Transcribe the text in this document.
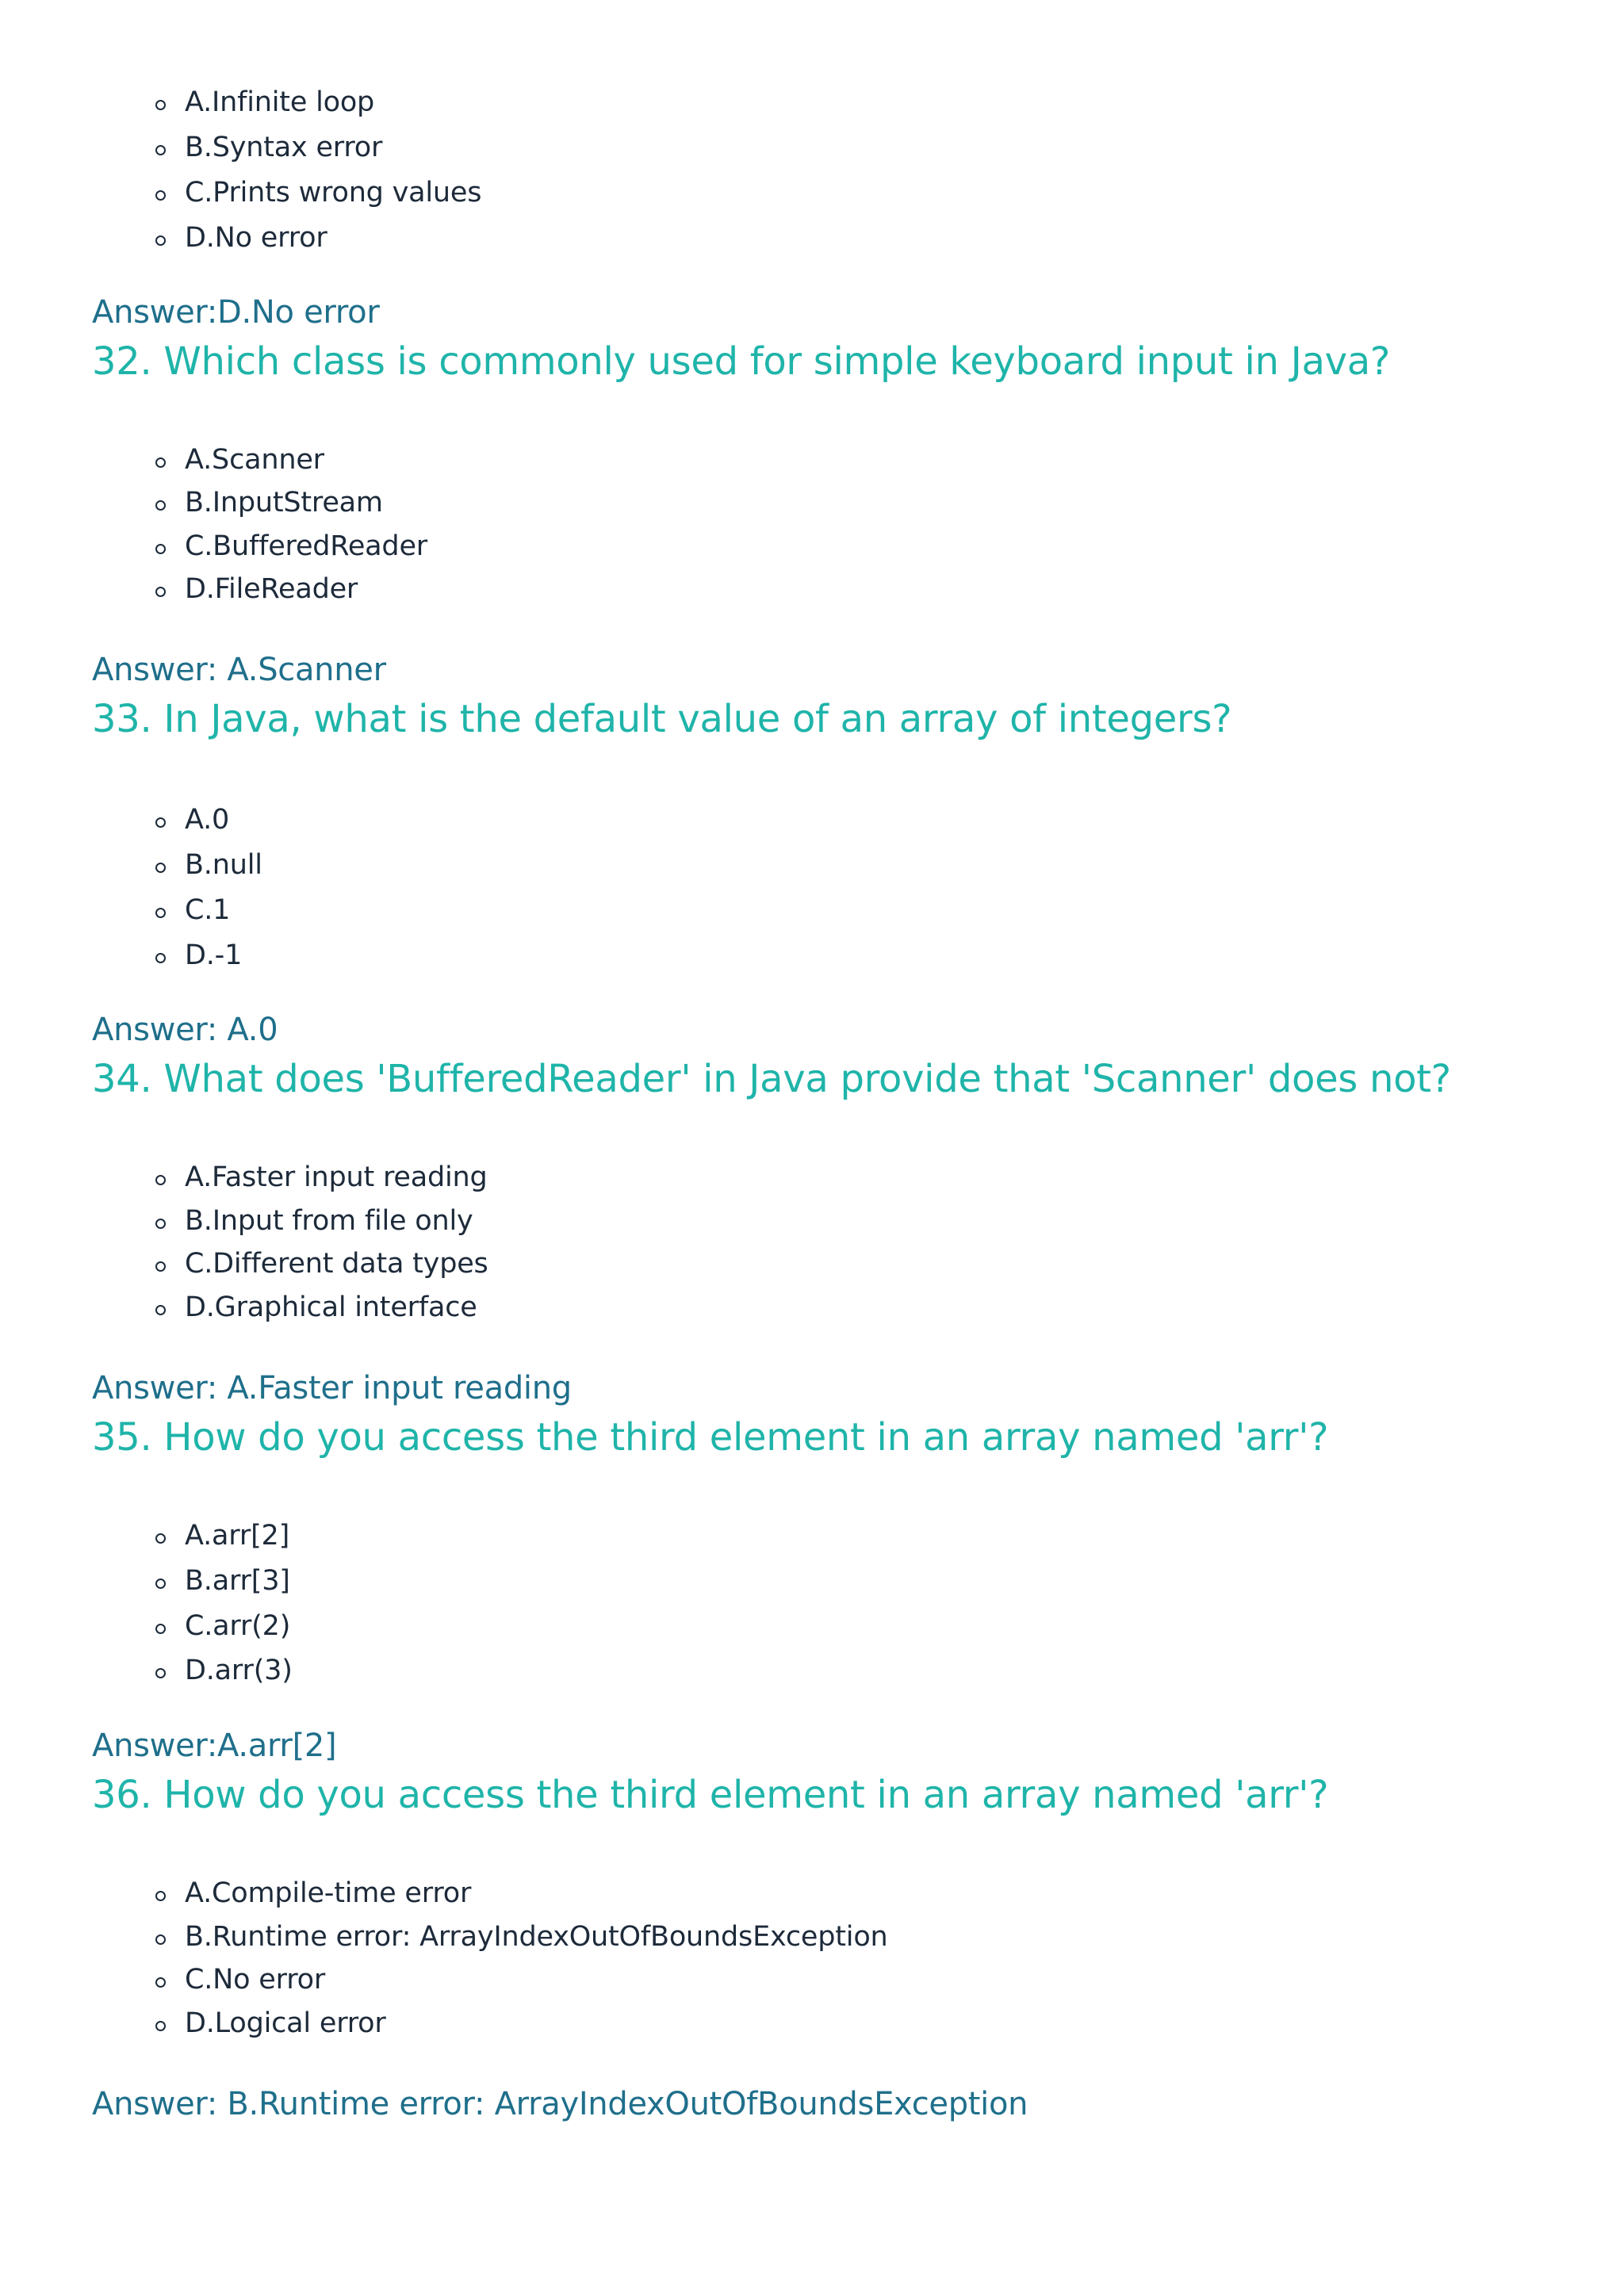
A.Infinite loop
B.Syntax error
C.Prints wrong values
D.No error
Answer:D.No error
32. Which class is commonly used for simple keyboard input in Java?
A.Scanner
B.InputStream
C.BufferedReader
D.FileReader
Answer: A.Scanner
33. In Java, what is the default value of an array of integers?
A.0
B.null
C.1
D.-1
Answer: A.0
34. What does 'BufferedReader' in Java provide that 'Scanner' does not?
A.Faster input reading
B.Input from file only
C.Different data types
D.Graphical interface
Answer: A.Faster input reading
35. How do you access the third element in an array named 'arr'?
A.arr[2]
B.arr[3]
C.arr(2)
D.arr(3)
Answer:A.arr[2]
36. How do you access the third element in an array named 'arr'?
A.Compile-time error
B.Runtime error: ArrayIndexOutOfBoundsException
C.No error
D.Logical error
Answer: B.Runtime error: ArrayIndexOutOfBoundsException
